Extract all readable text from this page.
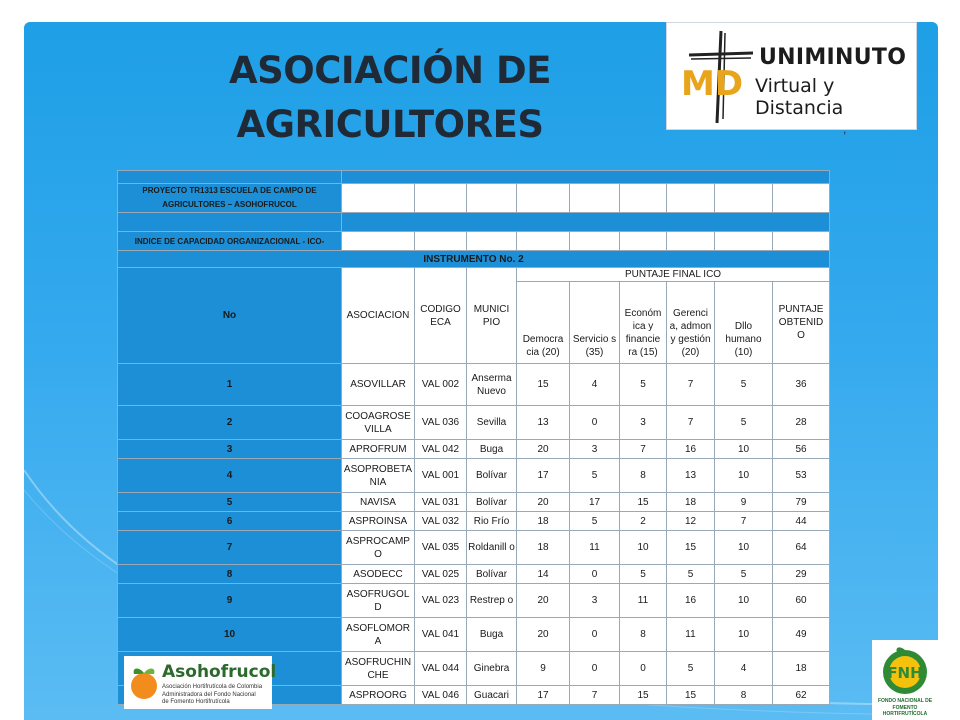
ASOCIACIÓN DE
AGRICULTORES
MD
UNIMINUTO
Virtual y Distancia
,

PROYECTO TR1313 ESCUELA DE CAMPO DE AGRICULTORES – ASOHOFRUCOL									

INDICE DE CAPACIDAD ORGANIZACIONAL - ICO-									
INSTRUMENTO No. 2									
No	ASOCIACION	CODIGO ECA	MUNICI PIO	PUNTAJE FINAL ICO					
				Democra cia (20)	Servicio s (35)	Económ ica y financie ra (15)	Gerenci a, admon y gestión (20)	Dllo humano (10)	PUNTAJE OBTENID O
1	ASOVILLAR	VAL 002	Anserma Nuevo	15	4	5	7	5	36
2	COOAGROSE VILLA	VAL 036	Sevilla	13	0	3	7	5	28
3	APROFRUM	VAL 042	Buga	20	3	7	16	10	56
4	ASOPROBETA NIA	VAL 001	Bolívar	17	5	8	13	10	53
5	NAVISA	VAL 031	Bolívar	20	17	15	18	9	79
6	ASPROINSA	VAL 032	Rio Frío	18	5	2	12	7	44
7	ASPROCAMP O	VAL 035	Roldanill o	18	11	10	15	10	64
8	ASODECC	VAL 025	Bolívar	14	0	5	5	5	29
9	ASOFRUGOL D	VAL 023	Restrep o	20	3	11	16	10	60
10	ASOFLOMOR A	VAL 041	Buga	20	0	8	11	10	49
	ASOFRUCHIN CHE	VAL 044	Ginebra	9	0	0	5	4	18
	ASPROORG	VAL 046	Guacari	17	7	15	15	8	62
Asohofrucol
Asociación Hortifrutícola de Colombia
Administradora del Fondo Nacional
de Fomento Hortifrutícola
FNH
FONDO NACIONAL DE
FOMENTO HORTIFRUTÍCOLA
